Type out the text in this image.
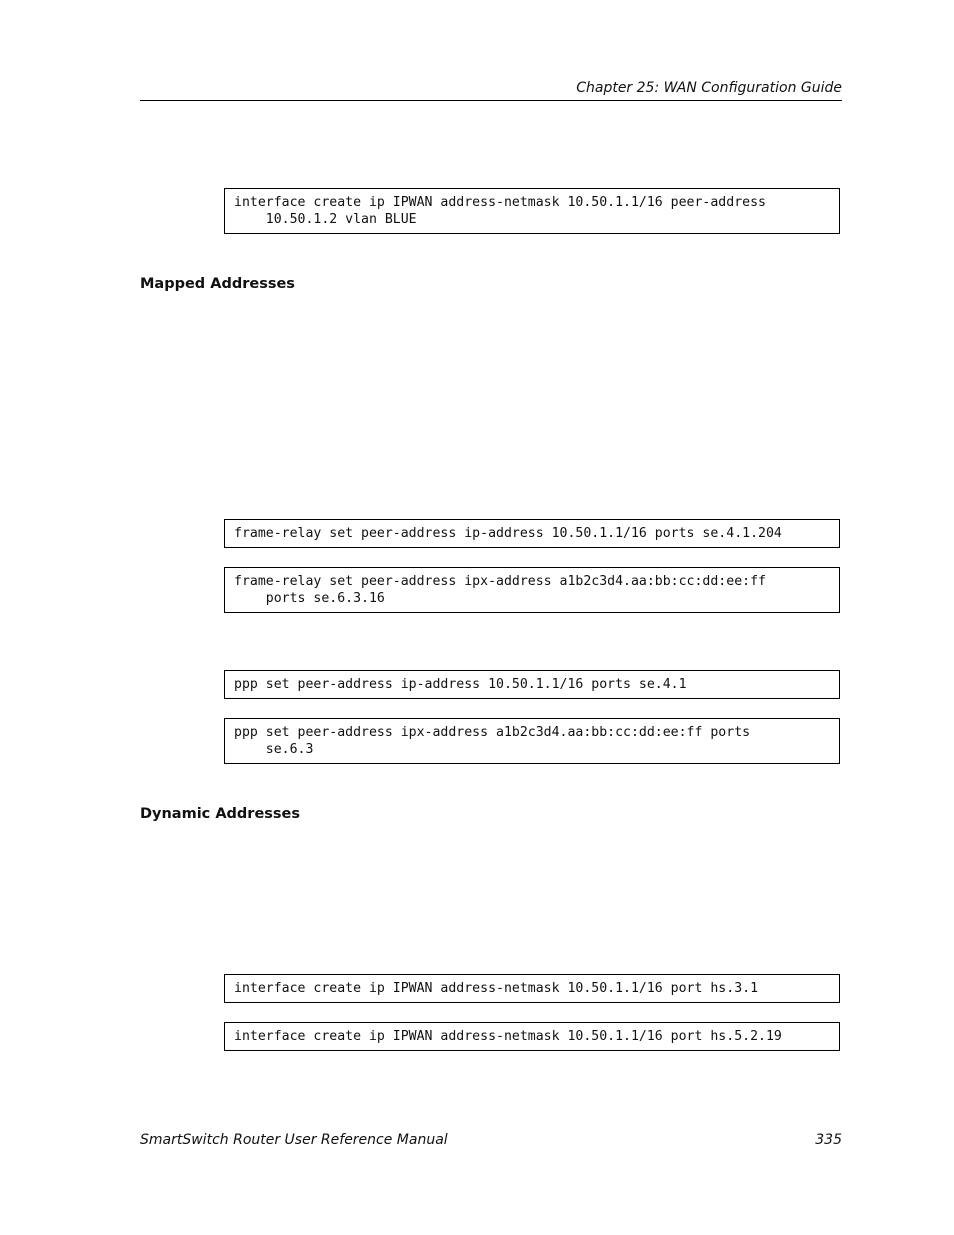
Chapter 25: WAN Configuration Guide
interface create ip IPWAN address-netmask 10.50.1.1/16 peer-address
10.50.1.2 vlan BLUE
Mapped Addresses
frame-relay set peer-address ip-address 10.50.1.1/16 ports se.4.1.204
frame-relay set peer-address ipx-address a1b2c3d4.aa:bb:cc:dd:ee:ff
ports se.6.3.16
ppp set peer-address ip-address 10.50.1.1/16 ports se.4.1
ppp set peer-address ipx-address a1b2c3d4.aa:bb:cc:dd:ee:ff ports
se.6.3
Dynamic Addresses
interface create ip IPWAN address-netmask 10.50.1.1/16 port hs.3.1
interface create ip IPWAN address-netmask 10.50.1.1/16 port hs.5.2.19
SmartSwitch Router User Reference Manual	335
